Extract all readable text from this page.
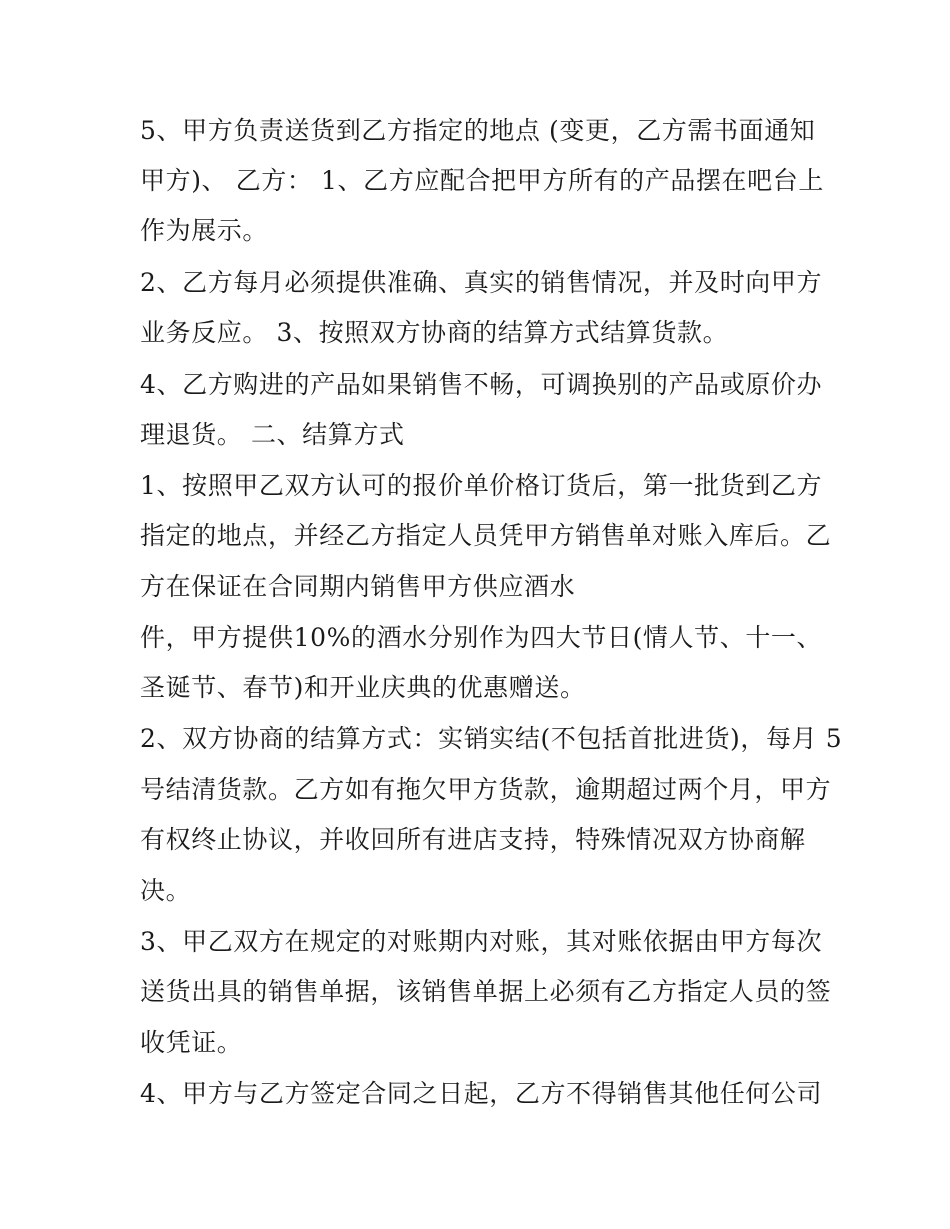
5、甲方负责送货到乙方指定的地点 (变更，乙方需书面通知
甲方)、 乙方： 1、乙方应配合把甲方所有的产品摆在吧台上
作为展示。
2、乙方每月必须提供准确、真实的销售情况，并及时向甲方
业务反应。 3、按照双方协商的结算方式结算货款。
4、乙方购进的产品如果销售不畅，可调换别的产品或原价办
理退货。 二、结算方式
1、按照甲乙双方认可的报价单价格订货后，第一批货到乙方
指定的地点，并经乙方指定人员凭甲方销售单对账入库后。乙
方在保证在合同期内销售甲方供应酒水
件，甲方提供10%的酒水分别作为四大节日(情人节、十一、
圣诞节、春节)和开业庆典的优惠赠送。
2、双方协商的结算方式：实销实结(不包括首批进货)，每月 5
号结清货款。乙方如有拖欠甲方货款，逾期超过两个月，甲方
有权终止协议，并收回所有进店支持，特殊情况双方协商解
决。
3、甲乙双方在规定的对账期内对账，其对账依据由甲方每次
送货出具的销售单据，该销售单据上必须有乙方指定人员的签
收凭证。
4、甲方与乙方签定合同之日起，乙方不得销售其他任何公司
